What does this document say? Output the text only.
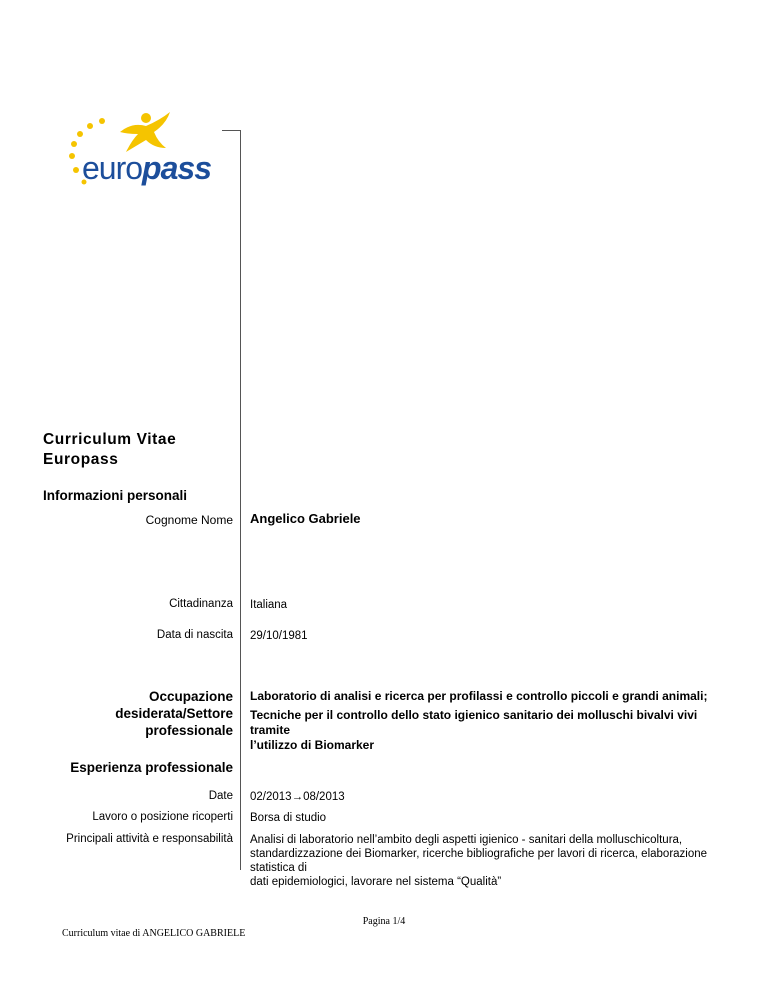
europass
Curriculum Vitae
Europass
Informazioni personali
Cognome Nome Angelico Gabriele
Cittadinanza Italiana
Data di nascita 29/10/1981
Occupazione
desiderata/Settore
professionale
Laboratorio di analisi e ricerca per profilassi e controllo piccoli e grandi animali;
Tecniche per il controllo dello stato igienico sanitario dei molluschi bivalvi vivi tramite
l’utilizzo di Biomarker
Esperienza professionale
Date 02/2013→08/2013
Lavoro o posizione ricoperti Borsa di studio
Principali attività e responsabilità Analisi di laboratorio nell’ambito degli aspetti igienico - sanitari della molluschicoltura,
standardizzazione dei Biomarker, ricerche bibliografiche per lavori di ricerca, elaborazione statistica di
dati epidemiologici, lavorare nel sistema “Qualità”
Pagina 1/4
Curriculum vitae di ANGELICO GABRIELE
